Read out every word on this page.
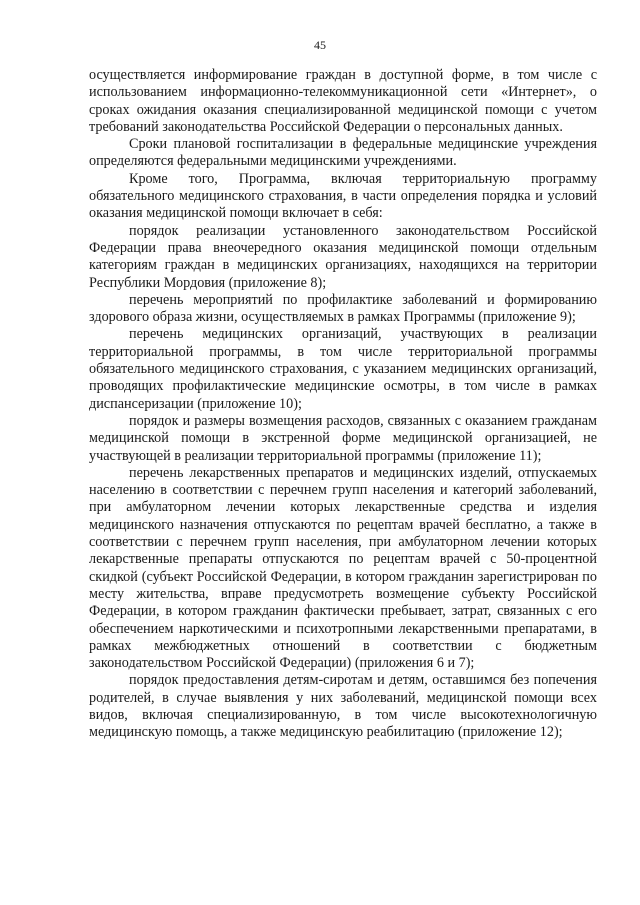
45

осуществляется информирование граждан в доступной форме, в том числе с использованием информационно-телекоммуникационной сети «Интернет», о сроках ожидания оказания специализированной медицинской помощи с учетом требований законодательства Российской Федерации о персональных данных.

Сроки плановой госпитализации в федеральные медицинские учреждения определяются федеральными медицинскими учреждениями.

Кроме того, Программа, включая территориальную программу обязательного медицинского страхования, в части определения порядка и условий оказания медицинской помощи включает в себя:

порядок реализации установленного законодательством Российской Федерации права внеочередного оказания медицинской помощи отдельным категориям граждан в медицинских организациях, находящихся на территории Республики Мордовия (приложение 8);

перечень мероприятий по профилактике заболеваний и формированию здорового образа жизни, осуществляемых в рамках Программы (приложение 9);

перечень медицинских организаций, участвующих в реализации территориальной программы, в том числе территориальной программы обязательного медицинского страхования, с указанием медицинских организаций, проводящих профилактические медицинские осмотры, в том числе в рамках диспансеризации (приложение 10);

порядок и размеры возмещения расходов, связанных с оказанием гражданам медицинской помощи в экстренной форме медицинской организацией, не участвующей в реализации территориальной программы (приложение 11);

перечень лекарственных препаратов и медицинских изделий, отпускаемых населению в соответствии с перечнем групп населения и категорий заболеваний, при амбулаторном лечении которых лекарственные средства и изделия медицинского назначения отпускаются по рецептам врачей бесплатно, а также в соответствии с перечнем групп населения, при амбулаторном лечении которых лекарственные препараты отпускаются по рецептам врачей с 50-процентной скидкой (субъект Российской Федерации, в котором гражданин зарегистрирован по месту жительства, вправе предусмотреть возмещение субъекту Российской Федерации, в котором гражданин фактически пребывает, затрат, связанных с его обеспечением наркотическими и психотропными лекарственными препаратами, в рамках межбюджетных отношений в соответствии с бюджетным законодательством Российской Федерации) (приложения 6 и 7);

порядок предоставления детям-сиротам и детям, оставшимся без попечения родителей, в случае выявления у них заболеваний, медицинской помощи всех видов, включая специализированную, в том числе высокотехнологичную медицинскую помощь, а также медицинскую реабилитацию (приложение 12);
